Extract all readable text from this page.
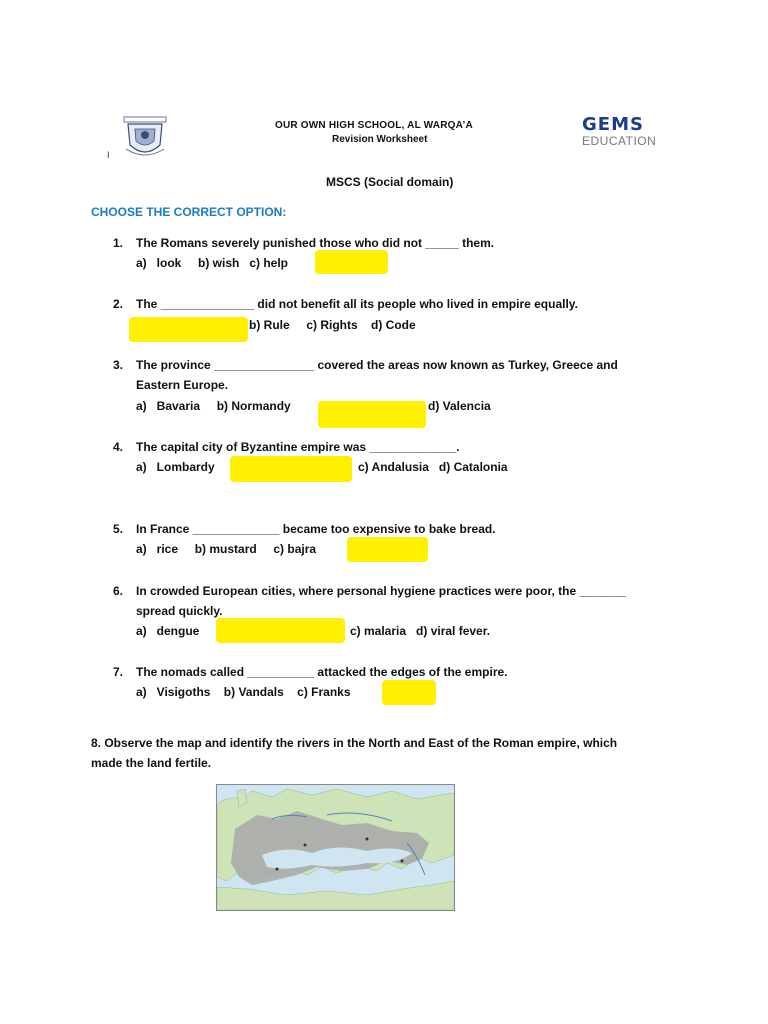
I
OUR OWN HIGH SCHOOL, AL WARQA’A
Revision Worksheet
GEMS
EDUCATION
MSCS (Social domain)
CHOOSE THE CORRECT OPTION:
1. The Romans severely punished those who did not _____ them.
a)   look     b) wish   c) help
2. The ______________ did not benefit all its people who lived in empire equally.
b) Rule     c) Rights    d) Code
3. The province _______________ covered the areas now known as Turkey, Greece and
Eastern Europe.
a)   Bavaria     b) Normandy	d) Valencia
4. The capital city of Byzantine empire was _____________.
a)   Lombardy	c) Andalusia   d) Catalonia
5. In France _____________ became too expensive to bake bread.
a)   rice     b) mustard     c) bajra
6. In crowded European cities, where personal hygiene practices were poor, the _______
spread quickly.
a)   dengue	c) malaria   d) viral fever.
7. The nomads called __________ attacked the edges of the empire.
a)   Visigoths    b) Vandals    c) Franks
8. Observe the map and identify the rivers in the North and East of the Roman empire, which
made the land fertile.
